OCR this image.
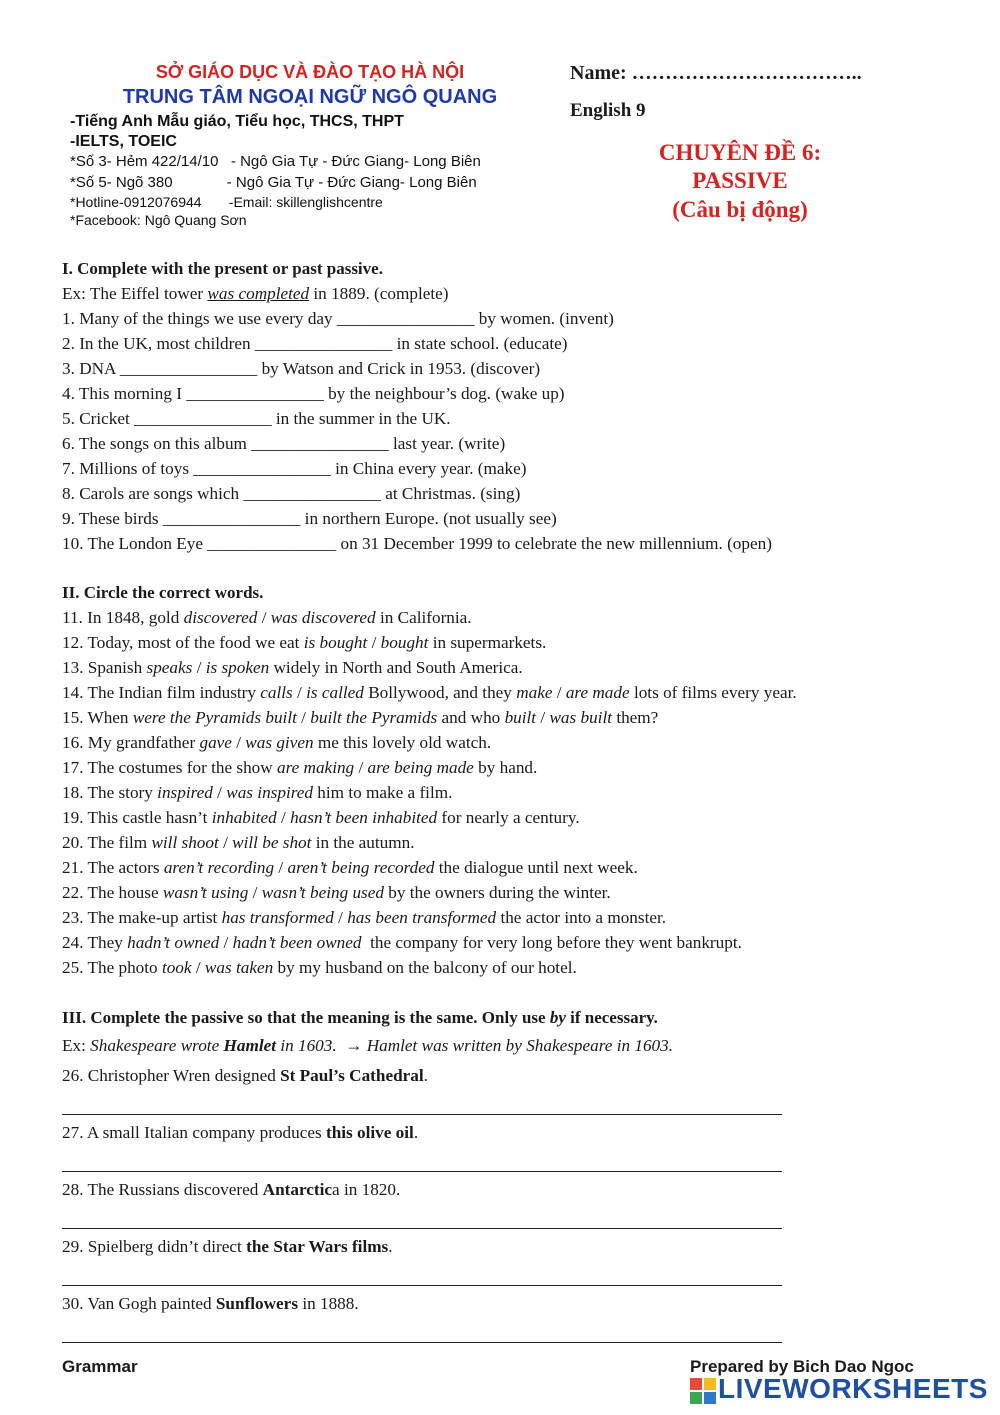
SỞ GIÁO DỤC VÀ ĐÀO TẠO HÀ NỘI
TRUNG TÂM NGOẠI NGỮ NGÔ QUANG
-Tiếng Anh Mẫu giáo, Tiểu học, THCS, THPT
-IELTS, TOEIC
*Số 3- Hẻm 422/14/10   - Ngô Gia Tự - Đức Giang- Long Biên
*Số 5- Ngõ 380             - Ngô Gia Tự - Đức Giang- Long Biên
*Hotline-0912076944       -Email: skillenglishcentre
*Facebook: Ngô Quang Sơn
Name: ……………………………..
English 9
CHUYÊN ĐỀ 6:
PASSIVE
(Câu bị động)
I. Complete with the present or past passive.
Ex: The Eiffel tower was completed in 1889. (complete)
1. Many of the things we use every day ________________ by women. (invent)
2. In the UK, most children ________________ in state school. (educate)
3. DNA ________________ by Watson and Crick in 1953. (discover)
4. This morning I ________________ by the neighbour’s dog. (wake up)
5. Cricket ________________ in the summer in the UK.
6. The songs on this album ________________ last year. (write)
7. Millions of toys ________________ in China every year. (make)
8. Carols are songs which ________________ at Christmas. (sing)
9. These birds ________________ in northern Europe. (not usually see)
10. The London Eye _______________ on 31 December 1999 to celebrate the new millennium. (open)
II. Circle the correct words.
11. In 1848, gold discovered / was discovered in California.
12. Today, most of the food we eat is bought / bought in supermarkets.
13. Spanish speaks / is spoken widely in North and South America.
14. The Indian film industry calls / is called Bollywood, and they make / are made lots of films every year.
15. When were the Pyramids built / built the Pyramids and who built / was built them?
16. My grandfather gave / was given me this lovely old watch.
17. The costumes for the show are making / are being made by hand.
18. The story inspired / was inspired him to make a film.
19. This castle hasn’t inhabited / hasn’t been inhabited for nearly a century.
20. The film will shoot / will be shot in the autumn.
21. The actors aren’t recording / aren’t being recorded the dialogue until next week.
22. The house wasn’t using / wasn’t being used by the owners during the winter.
23. The make-up artist has transformed / has been transformed the actor into a monster.
24. They hadn’t owned / hadn’t been owned  the company for very long before they went bankrupt.
25. The photo took / was taken by my husband on the balcony of our hotel.
III. Complete the passive so that the meaning is the same. Only use by if necessary.
Ex: Shakespeare wrote Hamlet in 1603.  → Hamlet was written by Shakespeare in 1603.
26. Christopher Wren designed St Paul’s Cathedral.
27. A small Italian company produces this olive oil.
28. The Russians discovered Antarctica in 1820.
29. Spielberg didn’t direct the Star Wars films.
30. Van Gogh painted Sunflowers in 1888.
Grammar	Prepared by Bich Dao Ngoc
LIVEWORKSHEETS
